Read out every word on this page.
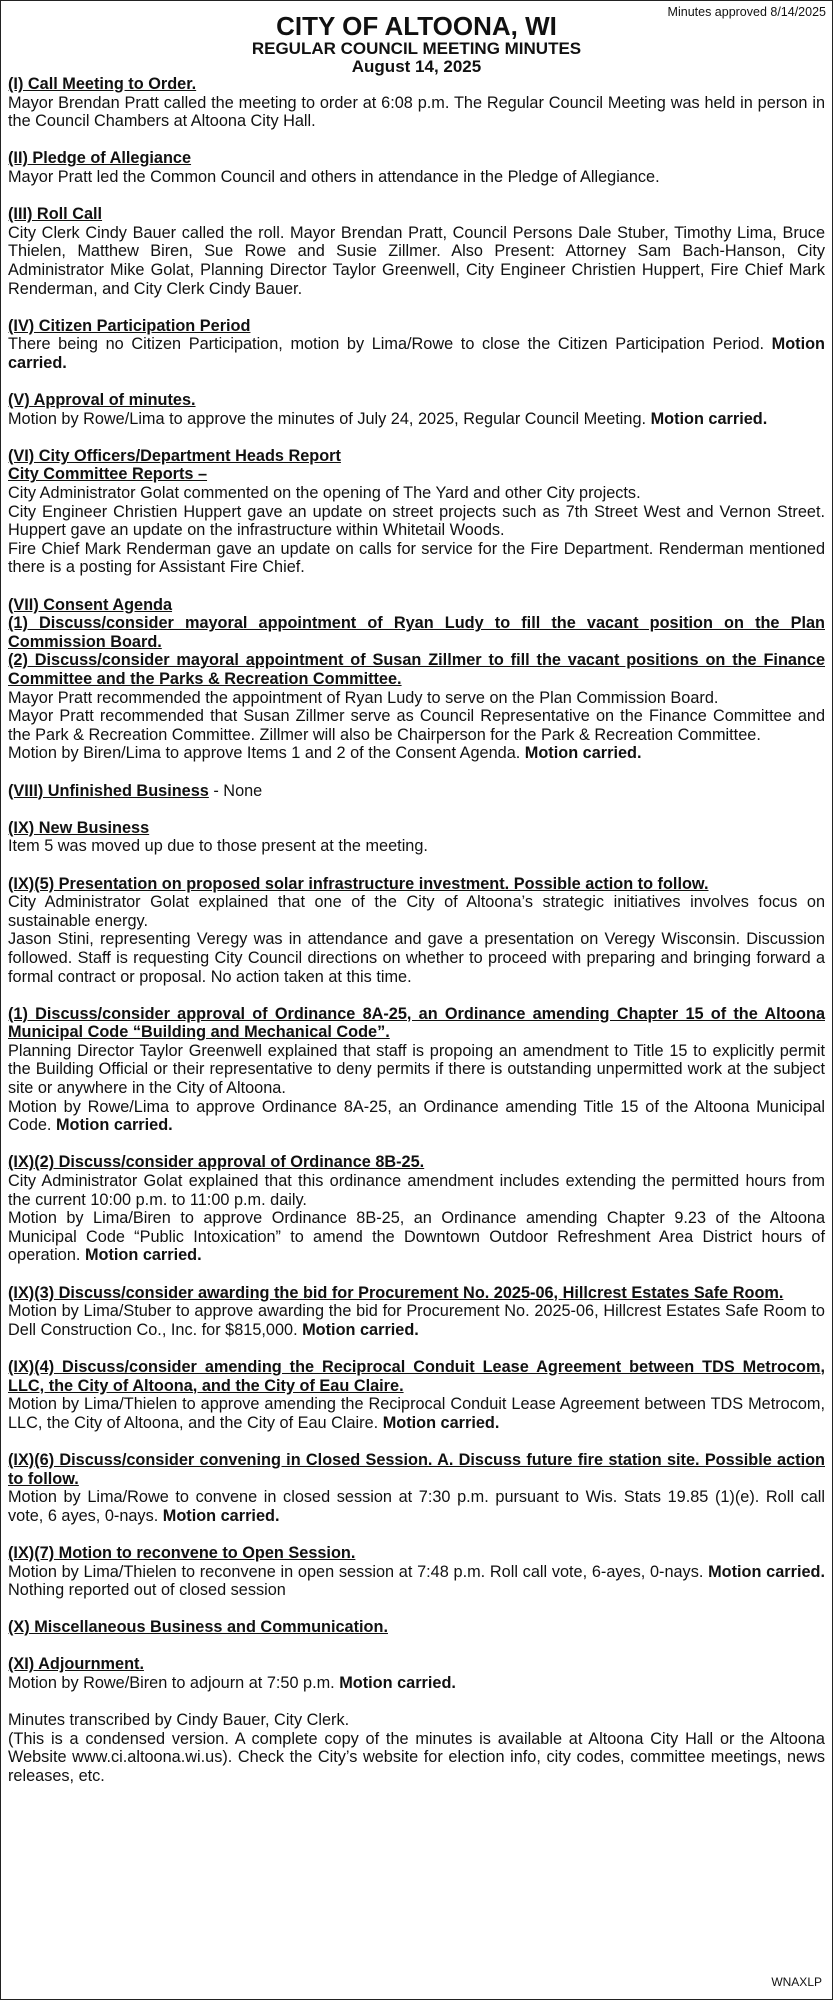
Minutes approved 8/14/2025
CITY OF ALTOONA, WI
REGULAR COUNCIL MEETING MINUTES
August 14, 2025
(I) Call Meeting to Order.

Mayor Brendan Pratt called the meeting to order at 6:08 p.m. The Regular Council Meeting was held in person in the Council Chambers at Altoona City Hall.

(II) Pledge of Allegiance

Mayor Pratt led the Common Council and others in attendance in the Pledge of Allegiance.

(III) Roll Call

City Clerk Cindy Bauer called the roll. Mayor Brendan Pratt, Council Persons Dale Stuber, Timothy Lima, Bruce Thielen, Matthew Biren, Sue Rowe and Susie Zillmer. Also Present: Attorney Sam Bach-Hanson, City Administrator Mike Golat, Planning Director Taylor Greenwell, City Engineer Christien Huppert, Fire Chief Mark Renderman, and City Clerk Cindy Bauer.

(IV) Citizen Participation Period

There being no Citizen Participation, motion by Lima/Rowe to close the Citizen Participation Period. Motion carried.

(V) Approval of minutes.

Motion by Rowe/Lima to approve the minutes of July 24, 2025, Regular Council Meeting. Motion carried.

(VI) City Officers/Department Heads Report
City Committee Reports –

City Administrator Golat commented on the opening of The Yard and other City projects.

City Engineer Christien Huppert gave an update on street projects such as 7th Street West and Vernon Street. Huppert gave an update on the infrastructure within Whitetail Woods.

Fire Chief Mark Renderman gave an update on calls for service for the Fire Department. Renderman mentioned there is a posting for Assistant Fire Chief.

(VII) Consent Agenda
(1) Discuss/consider mayoral appointment of Ryan Ludy to fill the vacant position on the Plan Commission Board.
(2) Discuss/consider mayoral appointment of Susan Zillmer to fill the vacant positions on the Finance Committee and the Parks & Recreation Committee.

Mayor Pratt recommended the appointment of Ryan Ludy to serve on the Plan Commission Board.

Mayor Pratt recommended that Susan Zillmer serve as Council Representative on the Finance Committee and the Park & Recreation Committee. Zillmer will also be Chairperson for the Park & Recreation Committee.

Motion by Biren/Lima to approve Items 1 and 2 of the Consent Agenda. Motion carried.

(VIII) Unfinished Business - None

(IX) New Business

Item 5 was moved up due to those present at the meeting.

(IX)(5) Presentation on proposed solar infrastructure investment. Possible action to follow.

City Administrator Golat explained that one of the City of Altoona’s strategic initiatives involves focus on sustainable energy.

Jason Stini, representing Veregy was in attendance and gave a presentation on Veregy Wisconsin. Discussion followed. Staff is requesting City Council directions on whether to proceed with preparing and bringing forward a formal contract or proposal. No action taken at this time.

(1) Discuss/consider approval of Ordinance 8A-25, an Ordinance amending Chapter 15 of the Altoona Municipal Code “Building and Mechanical Code”.

Planning Director Taylor Greenwell explained that staff is propoing an amendment to Title 15 to explicitly permit the Building Official or their representative to deny permits if there is outstanding unpermitted work at the subject site or anywhere in the City of Altoona.

Motion by Rowe/Lima to approve Ordinance 8A-25, an Ordinance amending Title 15 of the Altoona Municipal Code. Motion carried.

(IX)(2) Discuss/consider approval of Ordinance 8B-25.

City Administrator Golat explained that this ordinance amendment includes extending the permitted hours from the current 10:00 p.m. to 11:00 p.m. daily.

Motion by Lima/Biren to approve Ordinance 8B-25, an Ordinance amending Chapter 9.23 of the Altoona Municipal Code “Public Intoxication” to amend the Downtown Outdoor Refreshment Area District hours of operation. Motion carried.

(IX)(3) Discuss/consider awarding the bid for Procurement No. 2025-06, Hillcrest Estates Safe Room.

Motion by Lima/Stuber to approve awarding the bid for Procurement No. 2025-06, Hillcrest Estates Safe Room to Dell Construction Co., Inc. for $815,000. Motion carried.

(IX)(4) Discuss/consider amending the Reciprocal Conduit Lease Agreement between TDS Metrocom, LLC, the City of Altoona, and the City of Eau Claire.

Motion by Lima/Thielen to approve amending the Reciprocal Conduit Lease Agreement between TDS Metrocom, LLC, the City of Altoona, and the City of Eau Claire. Motion carried.

(IX)(6) Discuss/consider convening in Closed Session. A. Discuss future fire station site. Possible action to follow.

Motion by Lima/Rowe to convene in closed session at 7:30 p.m. pursuant to Wis. Stats 19.85 (1)(e). Roll call vote, 6 ayes, 0-nays. Motion carried.

(IX)(7) Motion to reconvene to Open Session.

Motion by Lima/Thielen to reconvene in open session at 7:48 p.m. Roll call vote, 6-ayes, 0-nays. Motion carried. Nothing reported out of closed session

(X) Miscellaneous Business and Communication.
(XI) Adjournment.

Motion by Rowe/Biren to adjourn at 7:50 p.m. Motion carried.

Minutes transcribed by Cindy Bauer, City Clerk.

(This is a condensed version. A complete copy of the minutes is available at Altoona City Hall or the Altoona Website www.ci.altoona.wi.us). Check the City’s website for election info, city codes, committee meetings, news releases, etc.

WNAXLP
